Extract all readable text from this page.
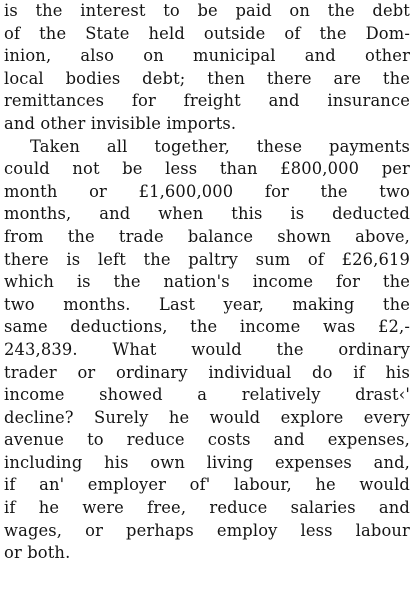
is the interest to be paid on the debt
of the State held outside of the Dom-
inion, also on municipal and other
local bodies debt; then there are the
remittances for freight and insurance
and other invisible imports.
Taken all together, these payments
could not be less than £800,000 per
month or £1,600,000 for the two
months, and when this is deducted
from the trade balance shown above,
there is left the paltry sum of £26,619
which is the nation's income for the
two months. Last year, making the
same deductions, the income was £2,-
243,839. What would the ordinary
trader or ordinary individual do if his
income showed a relatively drast‹'
decline? Surely he would explore every
avenue to reduce costs and expenses,
including his own living expenses and,
if an' employer of' labour, he would
if he were free, reduce salaries and
wages, or perhaps employ less labour
or both.
